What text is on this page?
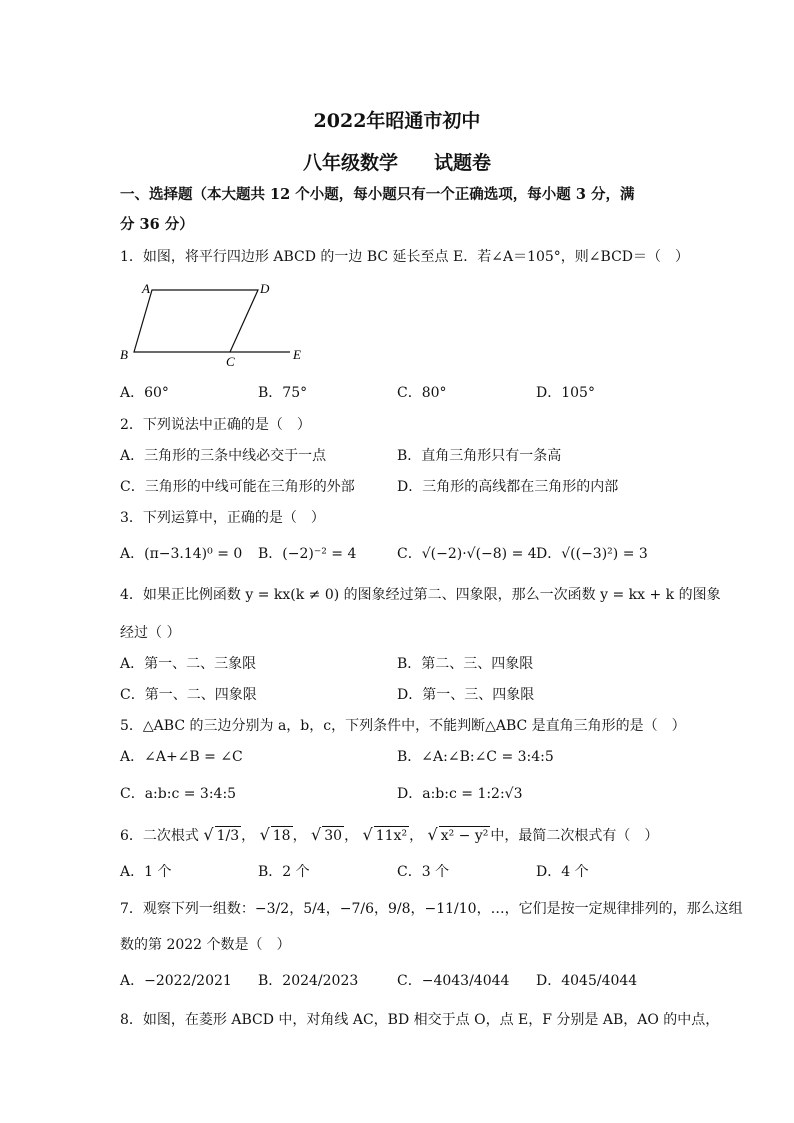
2022年昭通市初中
八年级数学 试题卷
一、选择题（本大题共 12 个小题，每小题只有一个正确选项，每小题 3 分，满
分 36 分）
1．如图，将平行四边形 ABCD 的一边 BC 延长至点 E．若∠A＝105°，则∠BCD＝（　）
A	D
B	C	E
A．60°	B．75°	C．80°	D．105°
2．下列说法中正确的是（　）
A．三角形的三条中线必交于一点	B．直角三角形只有一条高
C．三角形的中线可能在三角形的外部	D．三角形的高线都在三角形的内部
3．下列运算中，正确的是（　）
A．(π−3.14)⁰ = 0 B．(−2)⁻² = 4	C．√(−2)·√(−8) = 4 D．√((−3)²) = 3
4．如果正比例函数 y = kx(k ≠ 0) 的图象经过第二、四象限，那么一次函数 y = kx + k 的图象
经过（ ）
A．第一、二、三象限	B．第二、三、四象限
C．第一、二、四象限	D．第一、三、四象限
5．△ABC 的三边分别为 a，b，c，下列条件中，不能判断△ABC 是直角三角形的是（　）
A．∠A+∠B = ∠C	B．∠A:∠B:∠C = 3:4:5
C．a:b:c = 3:4:5	D．a:b:c = 1:2:√3
6．二次根式 √ 1/3 ， √ 18 ， √ 30 ， √ 11x² ， √ x² − y² 中，最简二次根式有（　）
A．1 个	B．2 个	C．3 个	D．4 个
7．观察下列一组数：−3/2，5/4，−7/6，9/8，−11/10，…，它们是按一定规律排列的，那么这组
数的第 2022 个数是（　）
A．−2022/2021 B．2024/2023	C．−4043/4044 D．4045/4044
8．如图，在菱形 ABCD 中，对角线 AC，BD 相交于点 O，点 E，F 分别是 AB，AO 的中点，
